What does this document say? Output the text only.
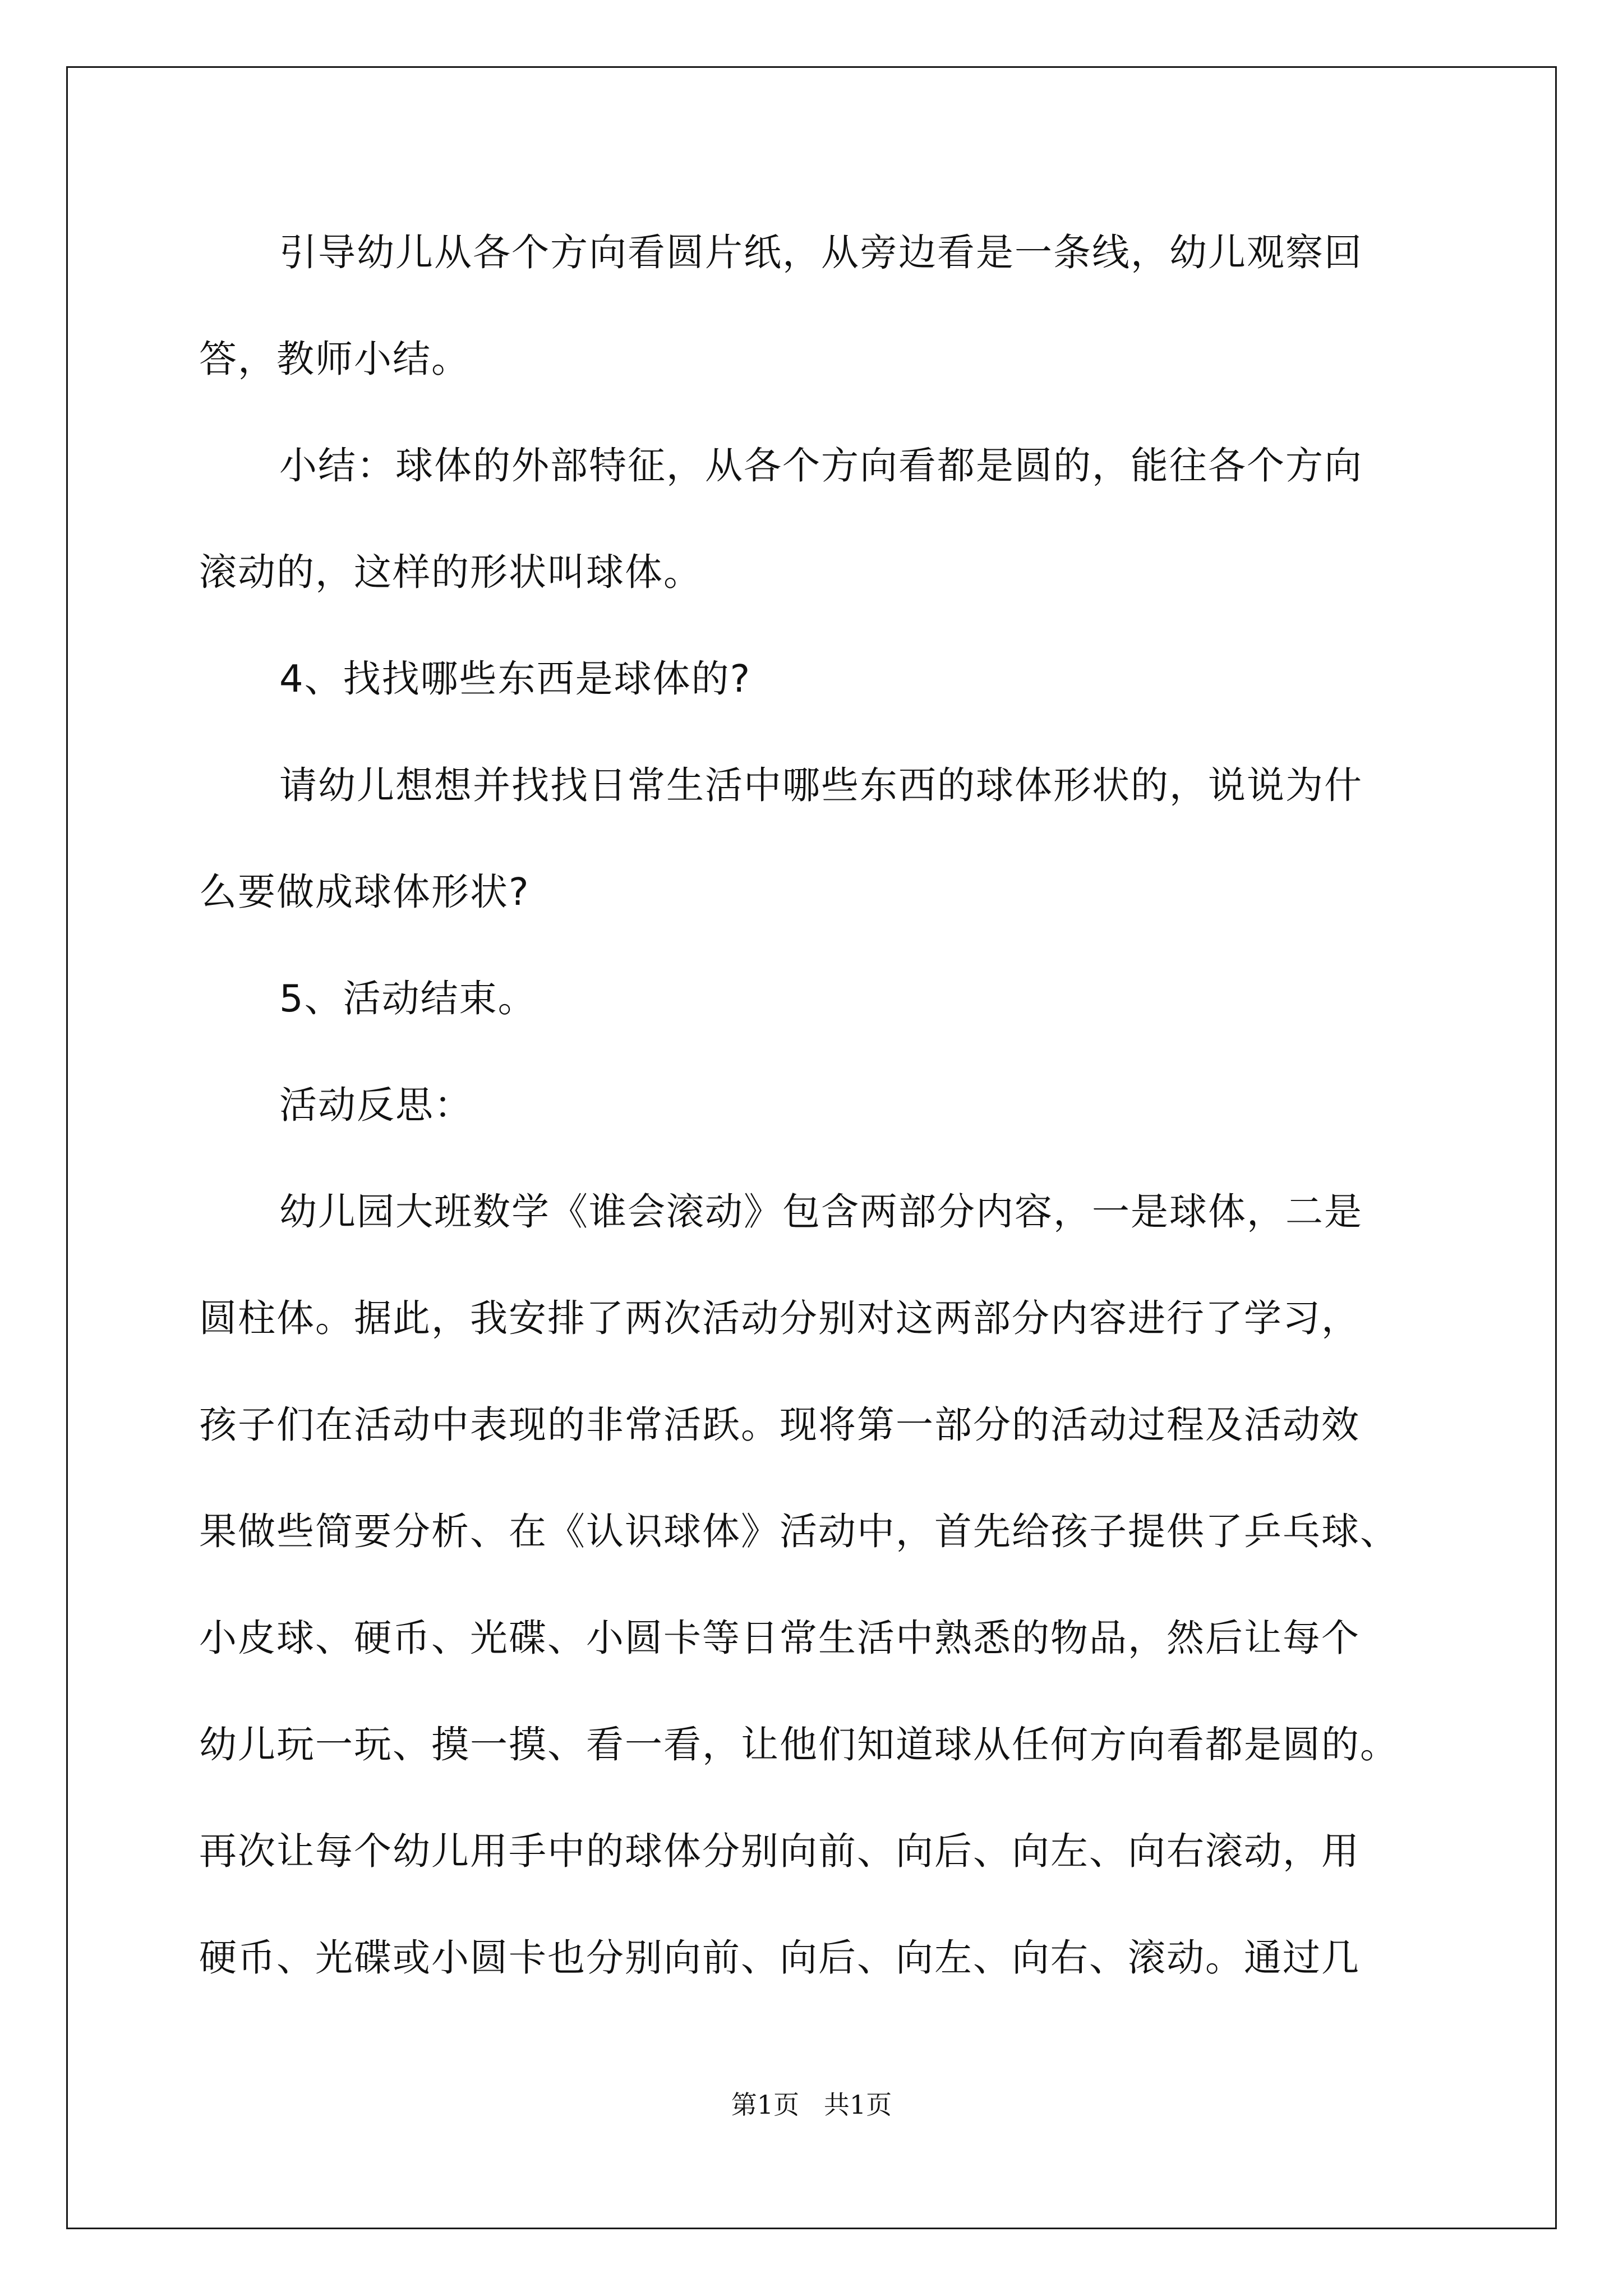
引导幼儿从各个方向看圆片纸，从旁边看是一条线，幼儿观察回

答，教师小结。

小结：球体的外部特征，从各个方向看都是圆的，能往各个方向

滚动的，这样的形状叫球体。

4、找找哪些东西是球体的?

请幼儿想想并找找日常生活中哪些东西的球体形状的，说说为什

么要做成球体形状?

5、活动结束。

活动反思：

幼儿园大班数学《谁会滚动》包含两部分内容，一是球体，二是

圆柱体。据此，我安排了两次活动分别对这两部分内容进行了学习，

孩子们在活动中表现的非常活跃。现将第一部分的活动过程及活动效

果做些简要分析、在《认识球体》活动中，首先给孩子提供了乒乓球、

小皮球、硬币、光碟、小圆卡等日常生活中熟悉的物品，然后让每个

幼儿玩一玩、摸一摸、看一看，让他们知道球从任何方向看都是圆的。

再次让每个幼儿用手中的球体分别向前、向后、向左、向右滚动，用

硬币、光碟或小圆卡也分别向前、向后、向左、向右、滚动。通过几

第1页   共1页
